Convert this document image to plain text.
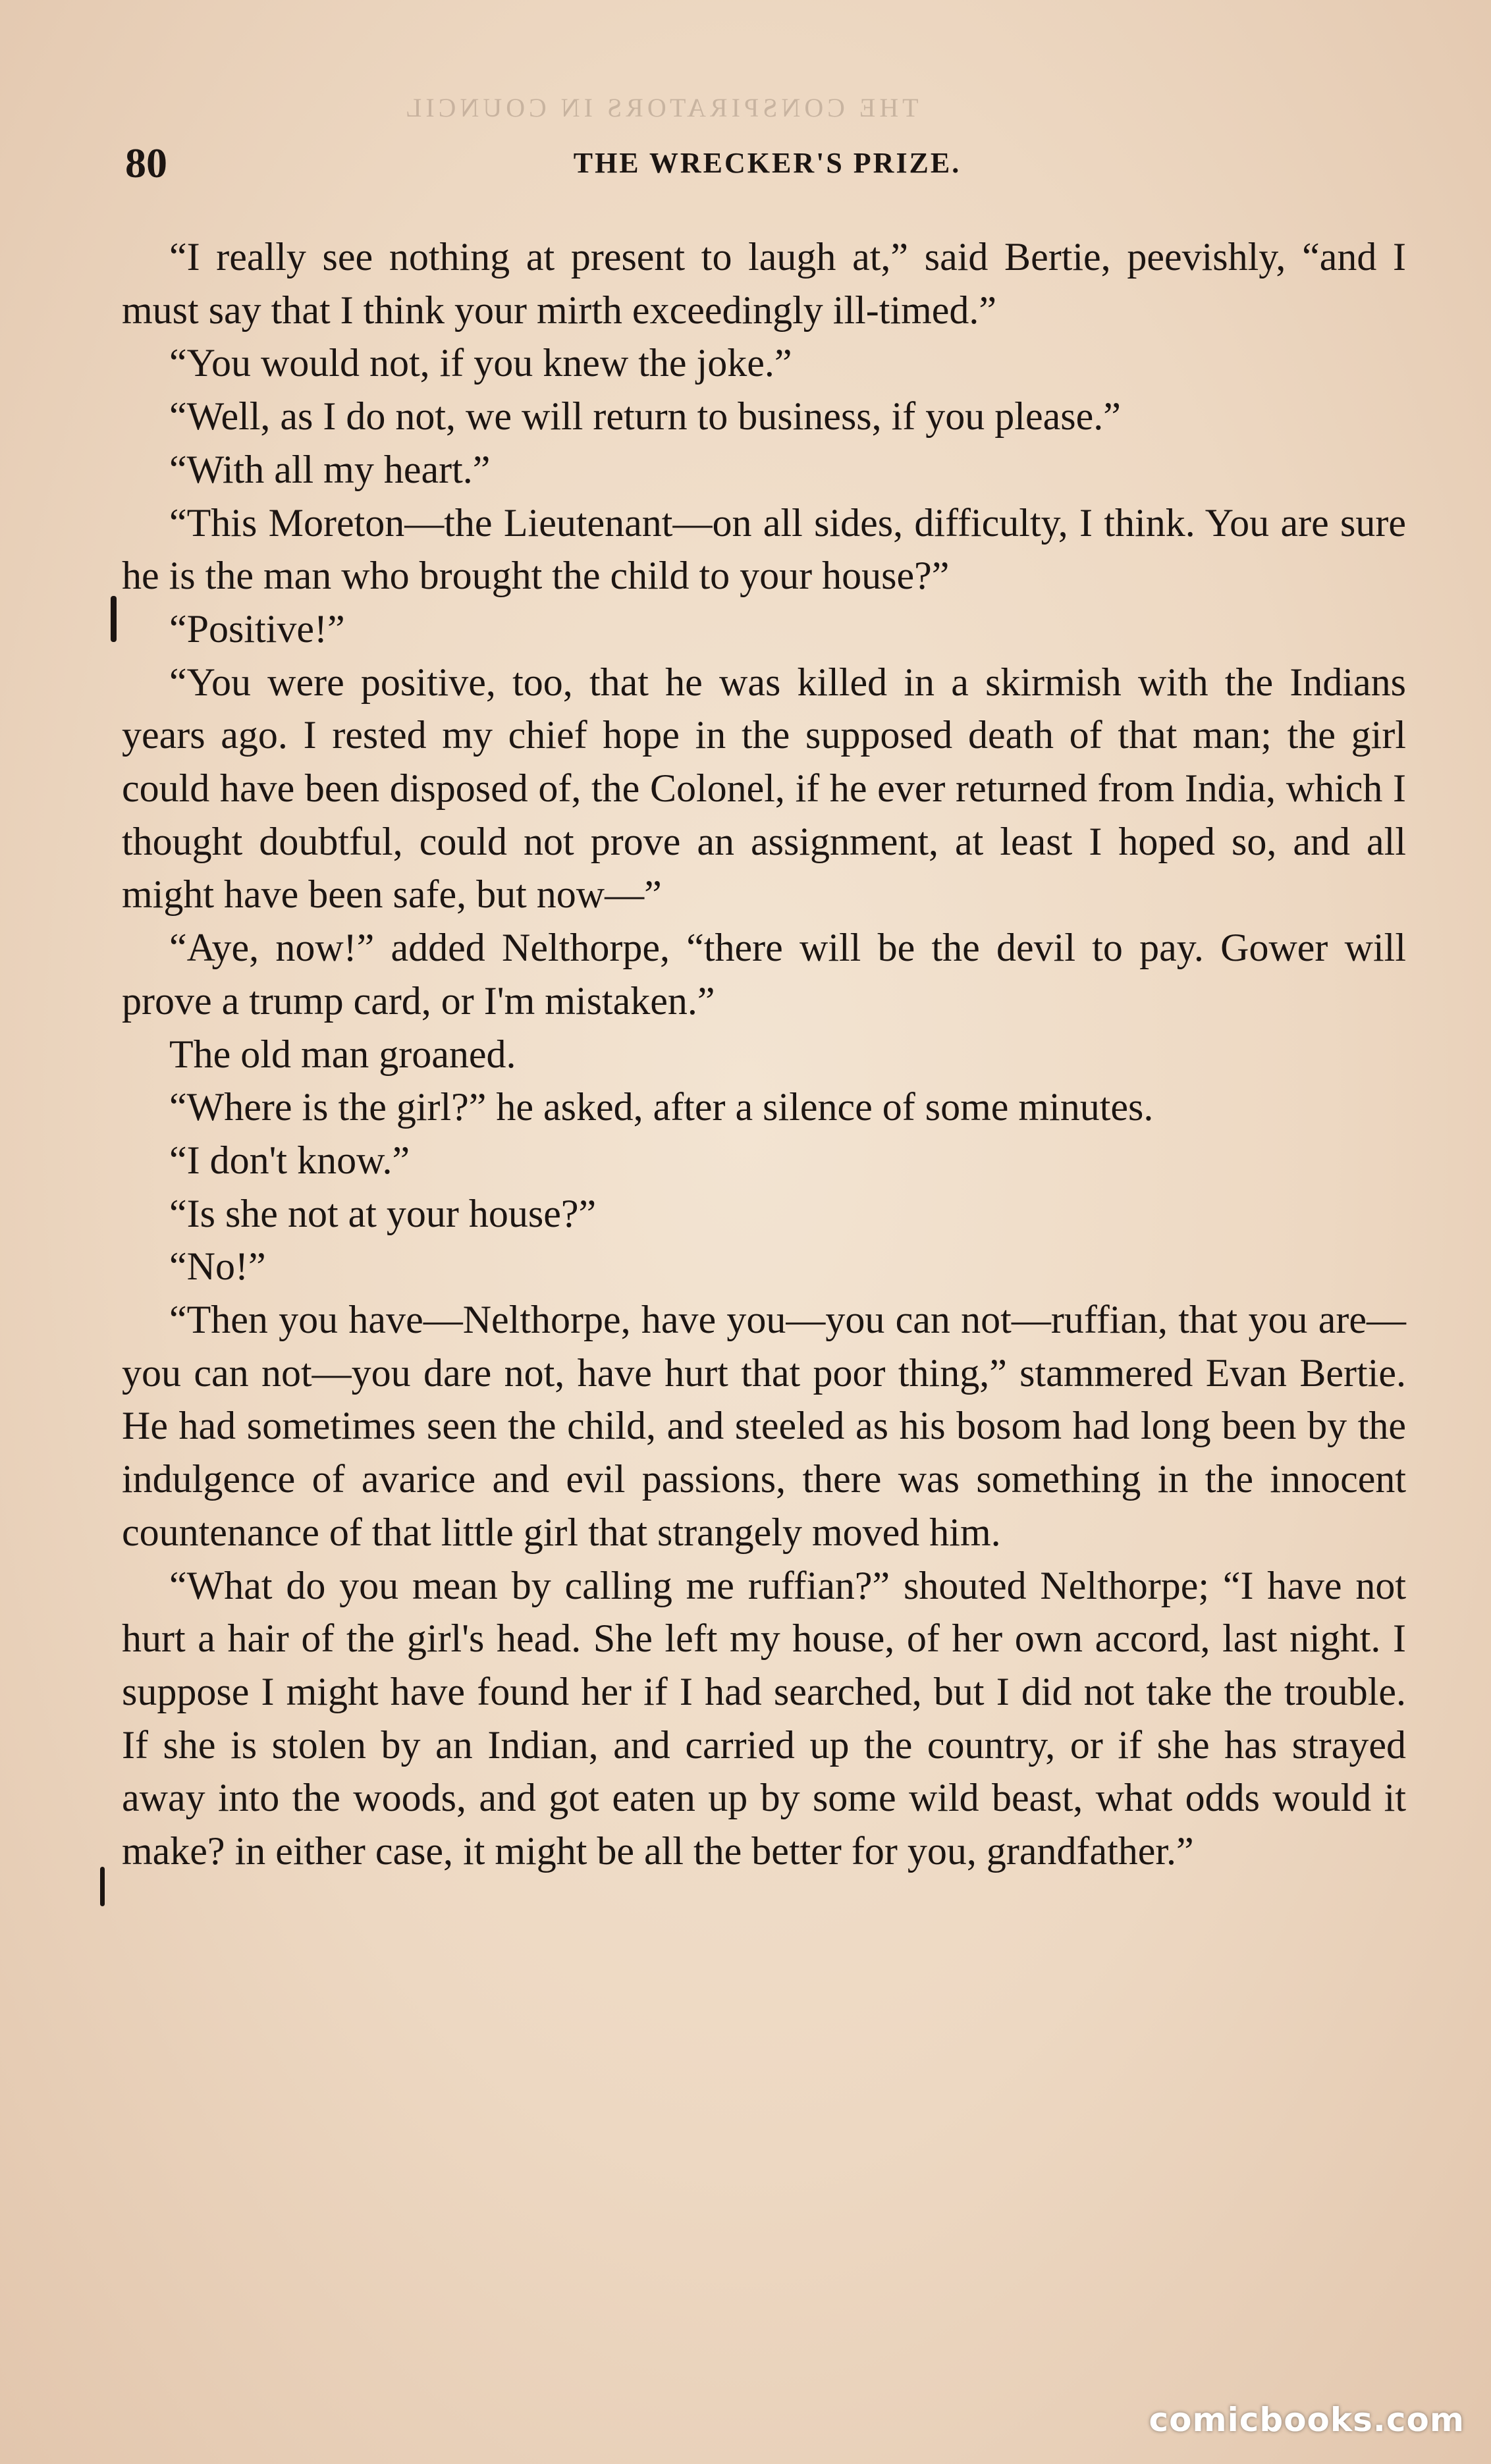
THE CONSPIRATORS IN COUNCIL
80	THE WRECKER'S PRIZE.

“I really see nothing at present to laugh at,” said Bertie, peevishly, “and I must say that I think your mirth exceedingly ill-timed.”

“You would not, if you knew the joke.”

“Well, as I do not, we will return to business, if you please.”

“With all my heart.”

“This Moreton—the Lieutenant—on all sides, difficulty, I think. You are sure he is the man who brought the child to your house?”

“Positive!”

“You were positive, too, that he was killed in a skirmish with the Indians years ago. I rested my chief hope in the supposed death of that man; the girl could have been disposed of, the Colonel, if he ever returned from India, which I thought doubtful, could not prove an assignment, at least I hoped so, and all might have been safe, but now—”

“Aye, now!” added Nelthorpe, “there will be the devil to pay. Gower will prove a trump card, or I'm mistaken.”

The old man groaned.

“Where is the girl?” he asked, after a silence of some minutes.

“I don't know.”

“Is she not at your house?”

“No!”

“Then you have—Nelthorpe, have you—you can not—ruffian, that you are—you can not—you dare not, have hurt that poor thing,” stammered Evan Bertie. He had sometimes seen the child, and steeled as his bosom had long been by the indulgence of avarice and evil passions, there was something in the innocent countenance of that little girl that strangely moved him.

“What do you mean by calling me ruffian?” shouted Nelthorpe; “I have not hurt a hair of the girl's head. She left my house, of her own accord, last night. I suppose I might have found her if I had searched, but I did not take the trouble. If she is stolen by an Indian, and carried up the country, or if she has strayed away into the woods, and got eaten up by some wild beast, what odds would it make? in either case, it might be all the better for you, grandfather.”

comicbooks.com
